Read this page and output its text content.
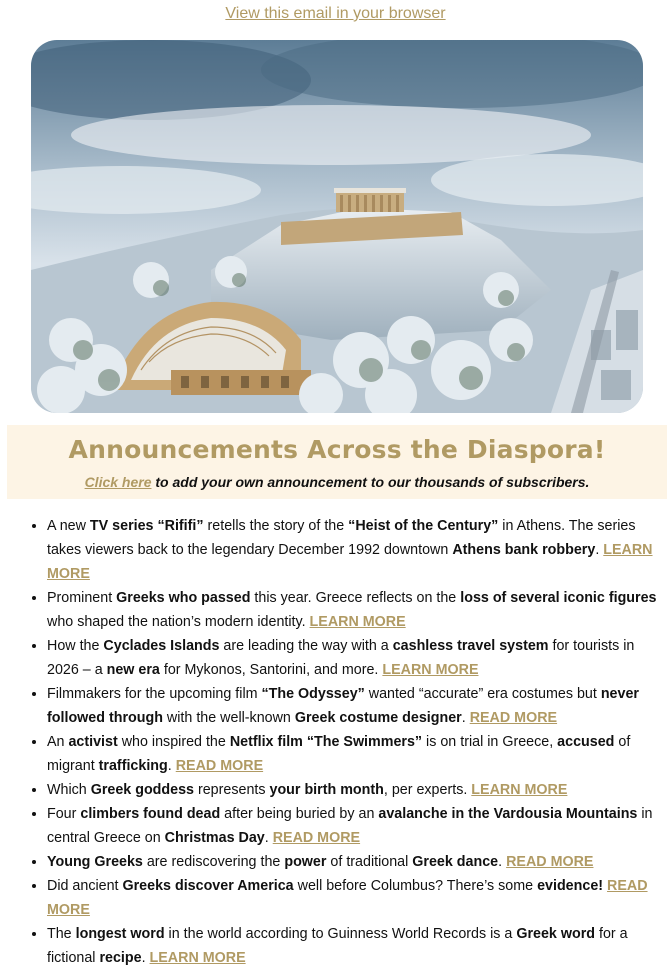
View this email in your browser
Announcements Across the Diaspora!
Click here to add your own announcement to our thousands of subscribers.
• A new TV series “Rififi” retells the story of the “Heist of the Century” in Athens. The series takes viewers back to the legendary December 1992 downtown Athens bank robbery. LEARN MORE
• Prominent Greeks who passed this year. Greece reflects on the loss of several iconic figures who shaped the nation’s modern identity. LEARN MORE
• How the Cyclades Islands are leading the way with a cashless travel system for tourists in 2026 – a new era for Mykonos, Santorini, and more. LEARN MORE
• Filmmakers for the upcoming film “The Odyssey” wanted “accurate” era costumes but never followed through with the well-known Greek costume designer. READ MORE
• An activist who inspired the Netflix film “The Swimmers” is on trial in Greece, accused of migrant trafficking. READ MORE
• Which Greek goddess represents your birth month, per experts. LEARN MORE
• Four climbers found dead after being buried by an avalanche in the Vardousia Mountains in central Greece on Christmas Day. READ MORE
• Young Greeks are rediscovering the power of traditional Greek dance. READ MORE
• Did ancient Greeks discover America well before Columbus? There’s some evidence! READ MORE
• The longest word in the world according to Guinness World Records is a Greek word for a fictional recipe. LEARN MORE
